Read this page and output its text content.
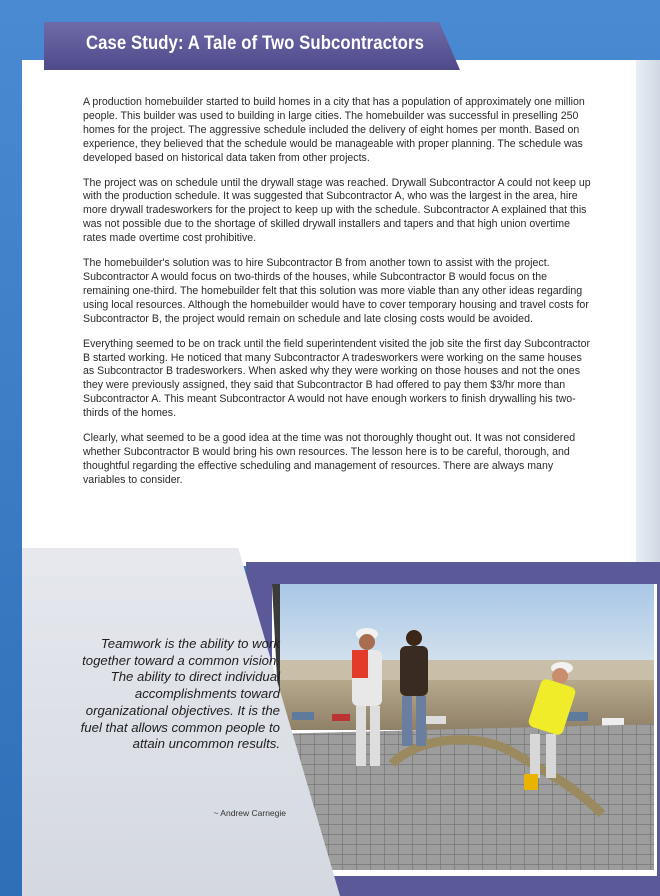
Case Study: A Tale of Two Subcontractors

A production homebuilder started to build homes in a city that has a population of approximately one million people. This builder was used to building in large cities. The homebuilder was successful in preselling 250 homes for the project. The aggressive schedule included the delivery of eight homes per month. Based on experience, they believed that the schedule would be manageable with proper planning. The schedule was developed based on historical data taken from other projects.

The project was on schedule until the drywall stage was reached. Drywall Subcontractor A could not keep up with the production schedule. It was suggested that Subcontractor A, who was the largest in the area, hire more drywall tradesworkers for the project to keep up with the schedule. Subcontractor A explained that this was not possible due to the shortage of skilled drywall installers and tapers and that high union overtime rates made overtime cost prohibitive.

The homebuilder's solution was to hire Subcontractor B from another town to assist with the project. Subcontractor A would focus on two-thirds of the houses, while Subcontractor B would focus on the remaining one-third. The homebuilder felt that this solution was more viable than any other ideas regarding using local resources. Although the homebuilder would have to cover temporary housing and travel costs for Subcontractor B, the project would remain on schedule and late closing costs would be avoided.

Everything seemed to be on track until the field superintendent visited the job site the first day Subcontractor B started working. He noticed that many Subcontractor A tradesworkers were working on the same houses as Subcontractor B tradesworkers. When asked why they were working on those houses and not the ones they were previously assigned, they said that Subcontractor B had offered to pay them $3/hr more than Subcontractor A. This meant Subcontractor A would not have enough workers to finish drywalling his two-thirds of the homes.

Clearly, what seemed to be a good idea at the time was not thoroughly thought out. It was not considered whether Subcontractor B would bring his own resources. The lesson here is to be careful, thorough, and thoughtful regarding the effective scheduling and management of resources. There are always many variables to consider.

Teamwork is the ability to work together toward a common vision. The ability to direct individual accomplishments toward organizational objectives. It is the fuel that allows common people to attain uncommon results.
~ Andrew Carnegie
